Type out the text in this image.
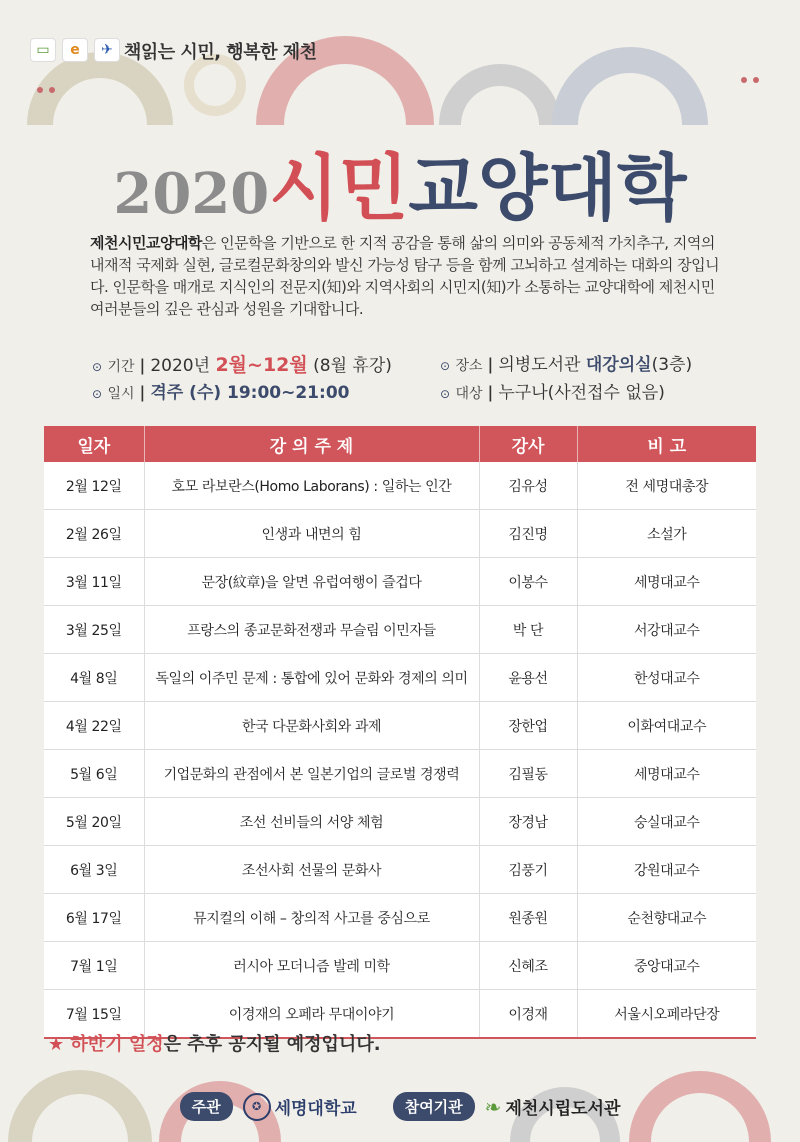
▭	e	✈ 책읽는 시민, 행복한 제천
2020시민교양대학
제천시민교양대학은 인문학을 기반으로 한 지적 공감을 통해 삶의 의미와 공동체적 가치추구, 지역의 내재적 국제화 실현, 글로컬문화창의와 발신 가능성 탐구 등을 함께 고뇌하고 설계하는 대화의 장입니다. 인문학을 매개로 지식인의 전문지(知)와 지역사회의 시민지(知)가 소통하는 교양대학에 제천시민 여러분들의 깊은 관심과 성원을 기대합니다.
⊙ 기간 ǀ 2020년 2월~12월 (8월 휴강)
⊙ 일시 ǀ 격주 (수) 19:00~21:00
⊙ 장소 ǀ 의병도서관 대강의실(3층)
⊙ 대상 ǀ 누구나(사전접수 없음)
일자	강 의 주 제	강사	비 고
2월 12일	호모 라보란스(Homo Laborans) : 일하는 인간	김유성	전 세명대총장
2월 26일	인생과 내면의 힘	김진명	소설가
3월 11일	문장(紋章)을 알면 유럽여행이 즐겁다	이봉수	세명대교수
3월 25일	프랑스의 종교문화전쟁과 무슬림 이민자들	박 단	서강대교수
4월 8일	독일의 이주민 문제 : 통합에 있어 문화와 경제의 의미	윤용선	한성대교수
4월 22일	한국 다문화사회와 과제	장한업	이화여대교수
5월 6일	기업문화의 관점에서 본 일본기업의 글로벌 경쟁력	김필동	세명대교수
5월 20일	조선 선비들의 서양 체험	장경남	숭실대교수
6월 3일	조선사회 선물의 문화사	김풍기	강원대교수
6월 17일	뮤지컬의 이해 – 창의적 사고를 중심으로	원종원	순천향대교수
7월 1일	러시아 모더니즘 발레 미학	신혜조	중앙대교수
7월 15일	이경재의 오페라 무대이야기	이경재	서울시오페라단장
★ 하반기 일정은 추후 공지될 예정입니다.
주관	✪ 세명대학교	참여기관	❧ 제천시립도서관
